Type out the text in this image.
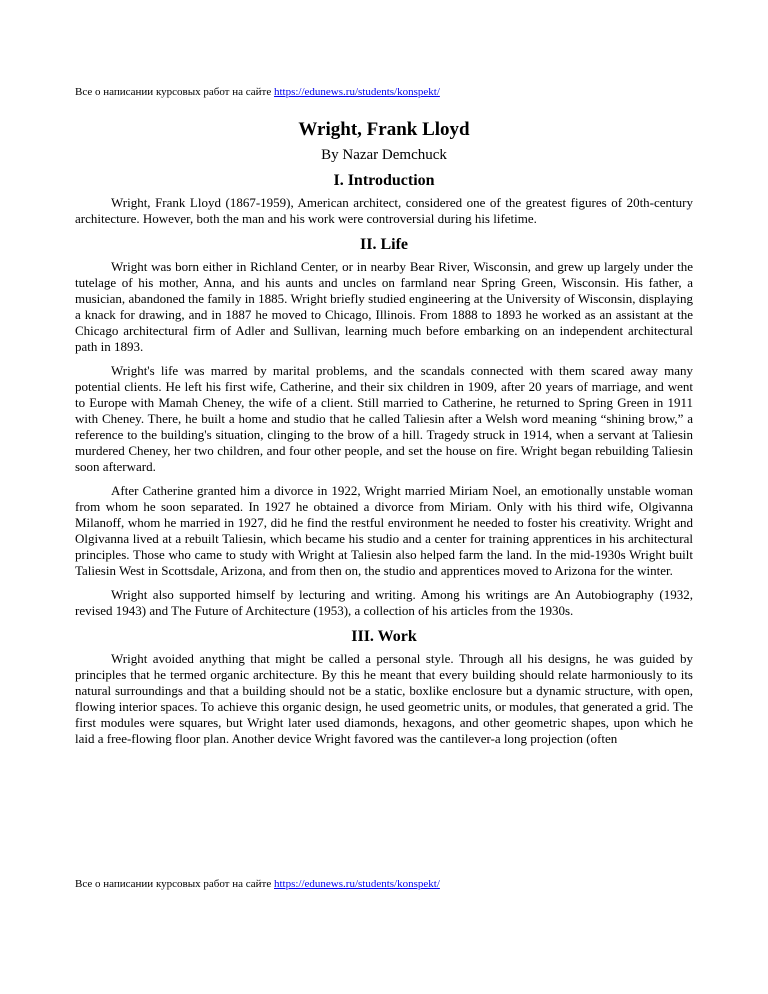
Все о написании курсовых работ на сайте https://edunews.ru/students/konspekt/
Wright, Frank Lloyd
By Nazar Demchuck
I. Introduction

Wright, Frank Lloyd (1867-1959), American architect, considered one of the greatest figures of 20th-century architecture. However, both the man and his work were controversial during his lifetime.

II. Life

Wright was born either in Richland Center, or in nearby Bear River, Wisconsin, and grew up largely under the tutelage of his mother, Anna, and his aunts and uncles on farmland near Spring Green, Wisconsin. His father, a musician, abandoned the family in 1885. Wright briefly studied engineering at the University of Wisconsin, displaying a knack for drawing, and in 1887 he moved to Chicago, Illinois. From 1888 to 1893 he worked as an assistant at the Chicago architectural firm of Adler and Sullivan, learning much before embarking on an independent architectural path in 1893.

Wright's life was marred by marital problems, and the scandals connected with them scared away many potential clients. He left his first wife, Catherine, and their six children in 1909, after 20 years of marriage, and went to Europe with Mamah Cheney, the wife of a client. Still married to Catherine, he returned to Spring Green in 1911 with Cheney. There, he built a home and studio that he called Taliesin after a Welsh word meaning “shining brow,” a reference to the building's situation, clinging to the brow of a hill. Tragedy struck in 1914, when a servant at Taliesin murdered Cheney, her two children, and four other people, and set the house on fire. Wright began rebuilding Taliesin soon afterward.

After Catherine granted him a divorce in 1922, Wright married Miriam Noel, an emotionally unstable woman from whom he soon separated. In 1927 he obtained a divorce from Miriam. Only with his third wife, Olgivanna Milanoff, whom he married in 1927, did he find the restful environment he needed to foster his creativity. Wright and Olgivanna lived at a rebuilt Taliesin, which became his studio and a center for training apprentices in his architectural principles. Those who came to study with Wright at Taliesin also helped farm the land. In the mid-1930s Wright built Taliesin West in Scottsdale, Arizona, and from then on, the studio and apprentices moved to Arizona for the winter.

Wright also supported himself by lecturing and writing. Among his writings are An Autobiography (1932, revised 1943) and The Future of Architecture (1953), a collection of his articles from the 1930s.

III. Work

Wright avoided anything that might be called a personal style. Through all his designs, he was guided by principles that he termed organic architecture. By this he meant that every building should relate harmoniously to its natural surroundings and that a building should not be a static, boxlike enclosure but a dynamic structure, with open, flowing interior spaces. To achieve this organic design, he used geometric units, or modules, that generated a grid. The first modules were squares, but Wright later used diamonds, hexagons, and other geometric shapes, upon which he laid a free-flowing floor plan. Another device Wright favored was the cantilever-a long projection (often

Все о написании курсовых работ на сайте https://edunews.ru/students/konspekt/
